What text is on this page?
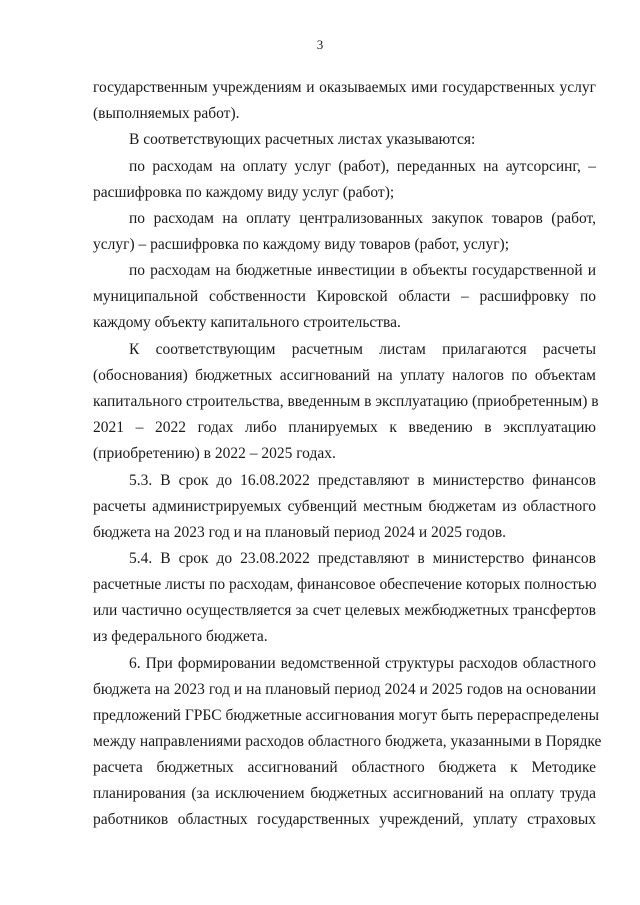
3
государственным учреждениям и оказываемых ими государственных услуг
(выполняемых работ).
В соответствующих расчетных листах указываются:
по расходам на оплату услуг (работ), переданных на аутсорсинг, –
расшифровка по каждому виду услуг (работ);
по расходам на оплату централизованных закупок товаров (работ,
услуг) – расшифровка по каждому виду товаров (работ, услуг);
по расходам на бюджетные инвестиции в объекты государственной и
муниципальной собственности Кировской области – расшифровку по
каждому объекту капитального строительства.
К соответствующим расчетным листам прилагаются расчеты
(обоснования) бюджетных ассигнований на уплату налогов по объектам
капитального строительства, введенным в эксплуатацию (приобретенным) в
2021 – 2022 годах либо планируемых к введению в эксплуатацию
(приобретению) в 2022 – 2025 годах.
5.3. В срок до 16.08.2022 представляют в министерство финансов
расчеты администрируемых субвенций местным бюджетам из областного
бюджета на 2023 год и на плановый период 2024 и 2025 годов.
5.4. В срок до 23.08.2022 представляют в министерство финансов
расчетные листы по расходам, финансовое обеспечение которых полностью
или частично осуществляется за счет целевых межбюджетных трансфертов
из федерального бюджета.
6. При формировании ведомственной структуры расходов областного
бюджета на 2023 год и на плановый период 2024 и 2025 годов на основании
предложений ГРБС бюджетные ассигнования могут быть перераспределены
между направлениями расходов областного бюджета, указанными в Порядке
расчета бюджетных ассигнований областного бюджета к Методике
планирования (за исключением бюджетных ассигнований на оплату труда
работников областных государственных учреждений, уплату страховых
